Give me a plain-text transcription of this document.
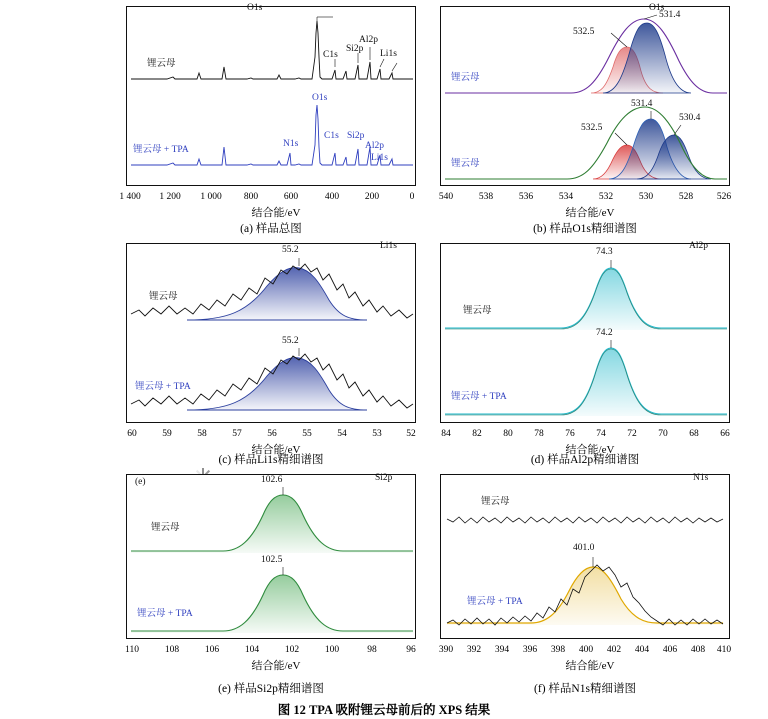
O1s
C1s
Si2p
Al2p
Li1s
锂云母
O1s
C1s
N1s
Si2p
Al2p
Li1s
锂云母 + TPA
1 400 1 200 1 000 800	600	400	200	0
结合能/eV
(a) 样品总图
O1s
531.4
532.5
锂云母
531.4
532.5
530.4
锂云母
540	538	536	534	532	530	528	526
结合能/eV
(b) 样品O1s精细谱图
Li1s
55.2
锂云母
55.2
锂云母 + TPA
60	59	58	57	56	55	54	53	52
结合能/eV
(c) 样品Li1s精细谱图
Al2p
74.3
锂云母
74.2
锂云母 + TPA
84 82 80 78 76 74 72 70 68 66
结合能/eV
(d) 样品Al2p精细谱图
(e)	Si2p
102.6
锂云母
102.5
锂云母 + TPA
110	108	106	104	102	100	98	96
结合能/eV
(e) 样品Si2p精细谱图
N1s
锂云母
401.0
锂云母 + TPA
390 392 394 396 398 400 402 404 406 408 410
结合能/eV
(f) 样品N1s精细谱图
图 12 TPA 吸附锂云母前后的 XPS 结果
